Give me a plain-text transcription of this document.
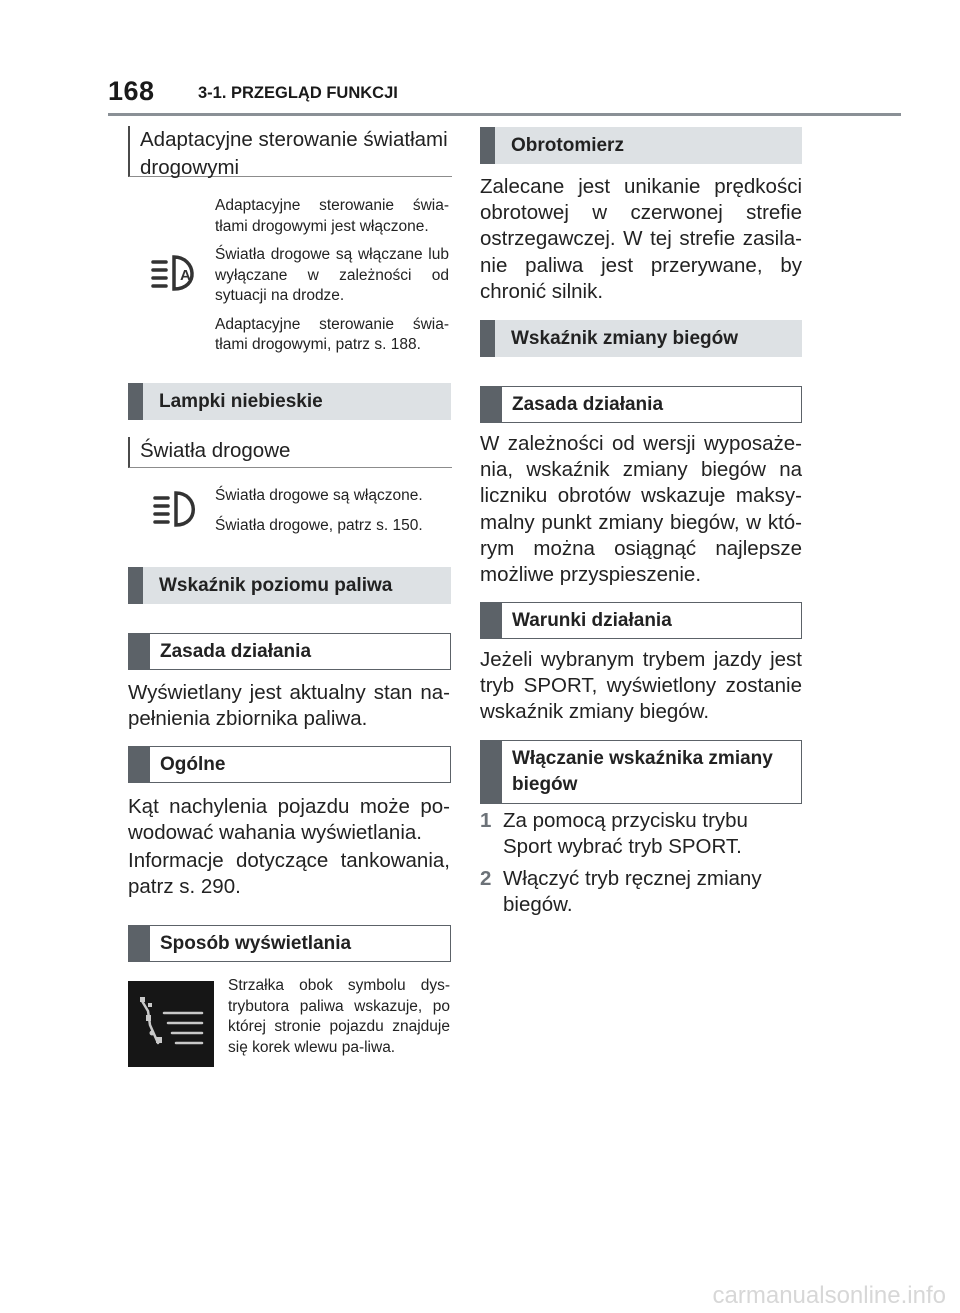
168	3-1. PRZEGLĄD FUNKCJI
Adaptacyjne sterowanie światłami drogowymi
A

Adaptacyjne sterowanie świa-tłami drogowymi jest włączone.

Światła drogowe są włączane lub wyłączane w zależności od sytuacji na drodze.

Adaptacyjne sterowanie świa-tłami drogowymi, patrz s. 188.

Lampki niebieskie
Światła drogowe

Światła drogowe są włączone.

Światła drogowe, patrz s. 150.

Wskaźnik poziomu paliwa
Zasada działania
Wyświetlany jest aktualny stan na-pełnienia zbiornika paliwa.
Ogólne
Kąt nachylenia pojazdu może po-wodować wahania wyświetlania.
Informacje dotyczące tankowania, patrz s. 290.
Sposób wyświetlania
Strzałka obok symbolu dys-trybutora paliwa wskazuje, po której stronie pojazdu znajduje się korek wlewu pa-liwa.
Obrotomierz
Zalecane jest unikanie prędkości obrotowej w czerwonej strefie ostrzegawczej. W tej strefie zasila-nie paliwa jest przerywane, by chronić silnik.
Wskaźnik zmiany biegów
Zasada działania
W zależności od wersji wyposaże-nia, wskaźnik zmiany biegów na liczniku obrotów wskazuje maksy-malny punkt zmiany biegów, w któ-rym można osiągnąć najlepsze możliwe przyspieszenie.
Warunki działania
Jeżeli wybranym trybem jazdy jest tryb SPORT, wyświetlony zostanie wskaźnik zmiany biegów.
Włączanie wskaźnika zmiany biegów
1 Za pomocą przycisku trybu Sport wybrać tryb SPORT.
2 Włączyć tryb ręcznej zmiany biegów.
carmanualsonline.info
